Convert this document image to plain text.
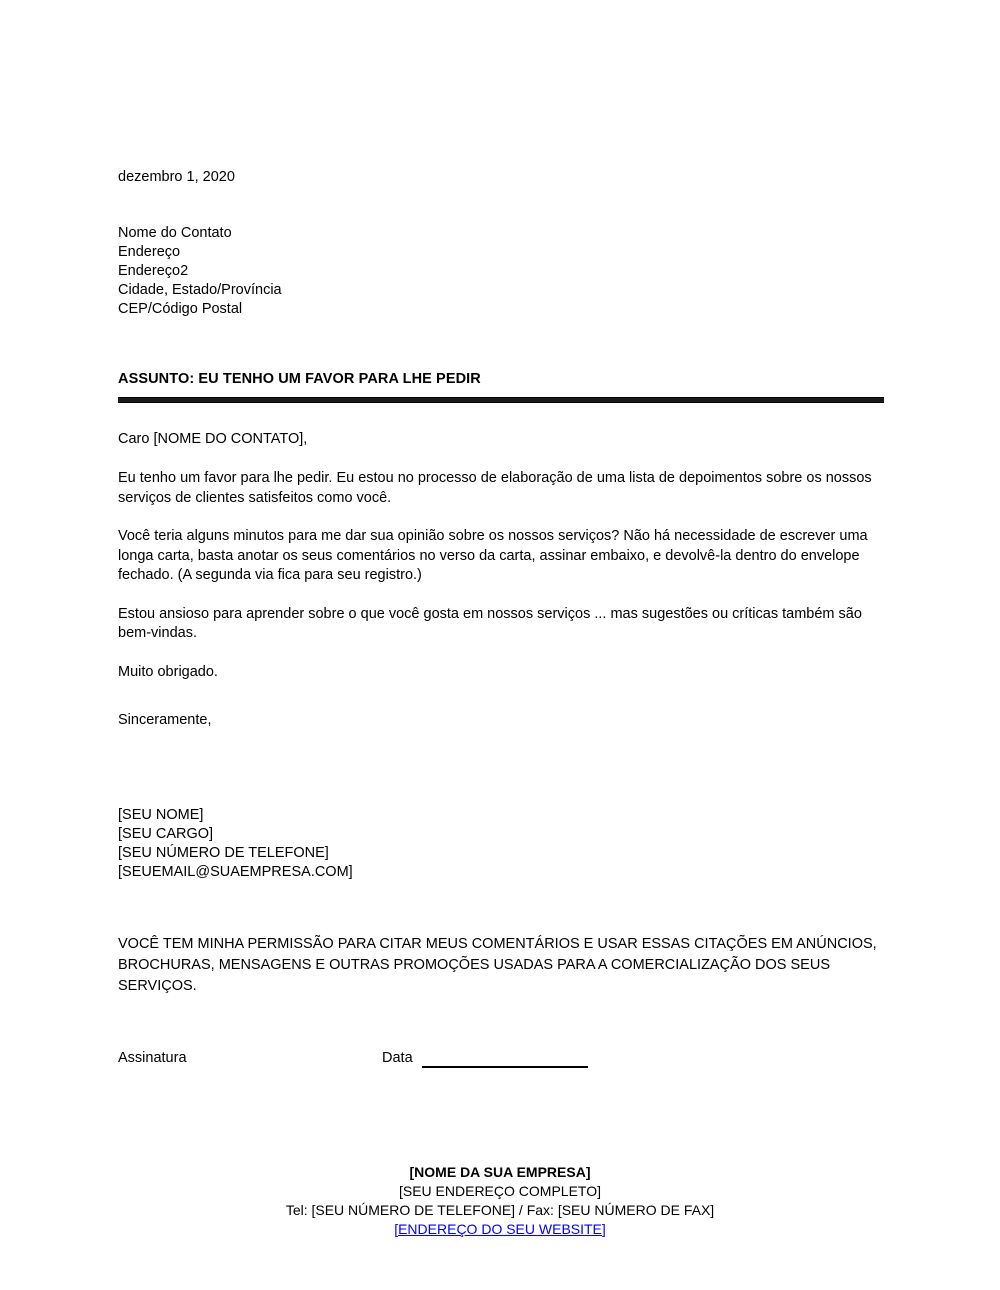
dezembro 1, 2020
Nome do Contato
Endereço
Endereço2
Cidade, Estado/Província
CEP/Código Postal
ASSUNTO: EU TENHO UM FAVOR PARA LHE PEDIR
Caro [NOME DO CONTATO],

Eu tenho um favor para lhe pedir. Eu estou no processo de elaboração de uma lista de depoimentos sobre os nossos serviços de clientes satisfeitos como você.

Você teria alguns minutos para me dar sua opinião sobre os nossos serviços? Não há necessidade de escrever uma longa carta, basta anotar os seus comentários no verso da carta, assinar embaixo, e devolvê-la dentro do envelope fechado. (A segunda via fica para seu registro.)

Estou ansioso para aprender sobre o que você gosta em nossos serviços ... mas sugestões ou críticas também são bem-vindas.

Muito obrigado.

Sinceramente,
[SEU NOME]
[SEU CARGO]
[SEU NÚMERO DE TELEFONE]
[SEUEMAIL@SUAEMPRESA.COM]
VOCÊ TEM MINHA PERMISSÃO PARA CITAR MEUS COMENTÁRIOS E USAR ESSAS CITAÇÕES EM ANÚNCIOS, BROCHURAS, MENSAGENS E OUTRAS PROMOÇÕES USADAS PARA A COMERCIALIZAÇÃO DOS SEUS SERVIÇOS.
Assinatura	Data
[NOME DA SUA EMPRESA]
[SEU ENDEREÇO COMPLETO]
Tel: [SEU NÚMERO DE TELEFONE] / Fax: [SEU NÚMERO DE FAX]
[ENDEREÇO DO SEU WEBSITE]
